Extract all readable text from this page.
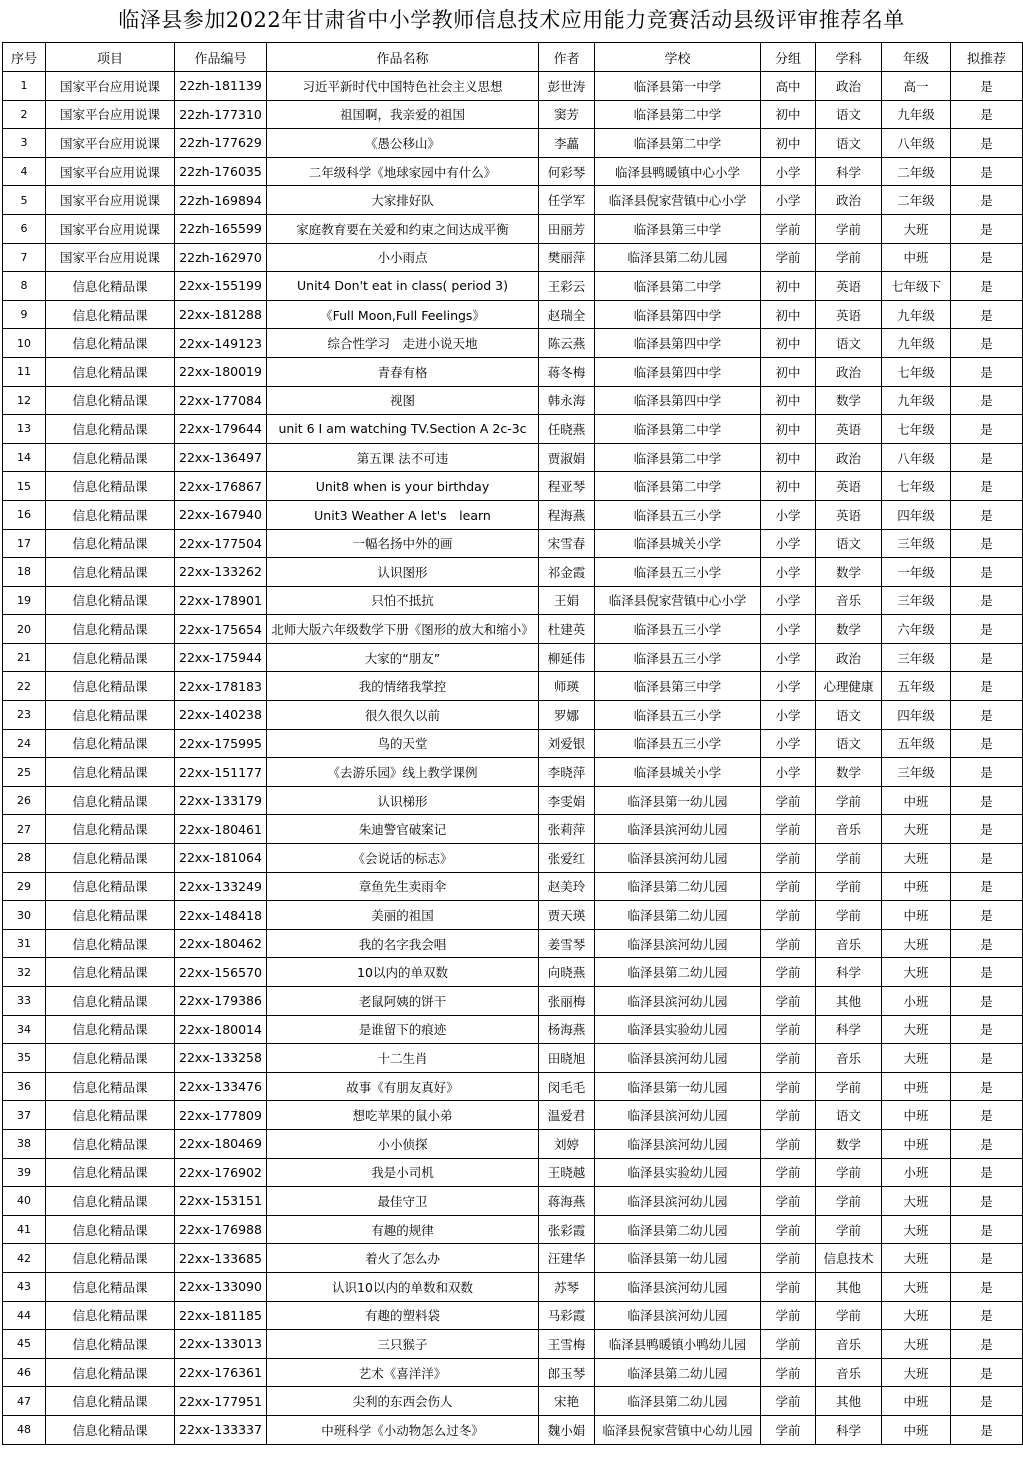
临泽县参加2022年甘肃省中小学教师信息技术应用能力竞赛活动县级评审推荐名单
序号	项目	作品编号	作品名称	作者	学校	分组	学科	年级	拟推荐
1	国家平台应用说课	22zh-181139	习近平新时代中国特色社会主义思想	彭世涛	临泽县第一中学	高中	政治	高一	是
2	国家平台应用说课	22zh-177310	祖国啊，我亲爱的祖国	窦芳	临泽县第二中学	初中	语文	九年级	是
3	国家平台应用说课	22zh-177629	《愚公移山》	李藟	临泽县第二中学	初中	语文	八年级	是
4	国家平台应用说课	22zh-176035	二年级科学《地球家园中有什么》	何彩琴	临泽县鸭暖镇中心小学	小学	科学	二年级	是
5	国家平台应用说课	22zh-169894	大家排好队	任学军	临泽县倪家营镇中心小学	小学	政治	二年级	是
6	国家平台应用说课	22zh-165599	家庭教育要在关爱和约束之间达成平衡	田丽芳	临泽县第三中学	学前	学前	大班	是
7	国家平台应用说课	22zh-162970	小小雨点	樊丽萍	临泽县第二幼儿园	学前	学前	中班	是
8	信息化精品课	22xx-155199	Unit4 Don't eat in class( period 3)	王彩云	临泽县第二中学	初中	英语	七年级下	是
9	信息化精品课	22xx-181288	《Full Moon,Full Feelings》	赵瑞全	临泽县第四中学	初中	英语	九年级	是
10	信息化精品课	22xx-149123	综合性学习　走进小说天地	陈云燕	临泽县第四中学	初中	语文	九年级	是
11	信息化精品课	22xx-180019	青春有格	蒋冬梅	临泽县第四中学	初中	政治	七年级	是
12	信息化精品课	22xx-177084	视图	韩永海	临泽县第四中学	初中	数学	九年级	是
13	信息化精品课	22xx-179644	unit 6 I am watching TV.Section A 2c-3c	任晓燕	临泽县第二中学	初中	英语	七年级	是
14	信息化精品课	22xx-136497	第五课 法不可违	贾淑娟	临泽县第二中学	初中	政治	八年级	是
15	信息化精品课	22xx-176867	Unit8 when is your birthday	程亚琴	临泽县第二中学	初中	英语	七年级	是
16	信息化精品课	22xx-167940	Unit3 Weather A let's　learn	程海燕	临泽县五三小学	小学	英语	四年级	是
17	信息化精品课	22xx-177504	一幅名扬中外的画	宋雪春	临泽县城关小学	小学	语文	三年级	是
18	信息化精品课	22xx-133262	认识图形	祁金霞	临泽县五三小学	小学	数学	一年级	是
19	信息化精品课	22xx-178901	只怕不抵抗	王娟	临泽县倪家营镇中心小学	小学	音乐	三年级	是
20	信息化精品课	22xx-175654	北师大版六年级数学下册《图形的放大和缩小》	杜建英	临泽县五三小学	小学	数学	六年级	是
21	信息化精品课	22xx-175944	大家的“朋友”	柳延伟	临泽县五三小学	小学	政治	三年级	是
22	信息化精品课	22xx-178183	我的情绪我掌控	师瑛	临泽县第三中学	小学	心理健康	五年级	是
23	信息化精品课	22xx-140238	很久很久以前	罗娜	临泽县五三小学	小学	语文	四年级	是
24	信息化精品课	22xx-175995	鸟的天堂	刘爱银	临泽县五三小学	小学	语文	五年级	是
25	信息化精品课	22xx-151177	《去游乐园》线上教学课例	李晓萍	临泽县城关小学	小学	数学	三年级	是
26	信息化精品课	22xx-133179	认识梯形	李雯娟	临泽县第一幼儿园	学前	学前	中班	是
27	信息化精品课	22xx-180461	朱迪警官破案记	张莉萍	临泽县滨河幼儿园	学前	音乐	大班	是
28	信息化精品课	22xx-181064	《会说话的标志》	张爱红	临泽县滨河幼儿园	学前	学前	大班	是
29	信息化精品课	22xx-133249	章鱼先生卖雨伞	赵美玲	临泽县第二幼儿园	学前	学前	中班	是
30	信息化精品课	22xx-148418	美丽的祖国	贾天瑛	临泽县第二幼儿园	学前	学前	中班	是
31	信息化精品课	22xx-180462	我的名字我会唱	姜雪琴	临泽县滨河幼儿园	学前	音乐	大班	是
32	信息化精品课	22xx-156570	10以内的单双数	向晓燕	临泽县第二幼儿园	学前	科学	大班	是
33	信息化精品课	22xx-179386	老鼠阿姨的饼干	张丽梅	临泽县滨河幼儿园	学前	其他	小班	是
34	信息化精品课	22xx-180014	是谁留下的痕迹	杨海燕	临泽县实验幼儿园	学前	科学	大班	是
35	信息化精品课	22xx-133258	十二生肖	田晓旭	临泽县滨河幼儿园	学前	音乐	大班	是
36	信息化精品课	22xx-133476	故事《有朋友真好》	闵毛毛	临泽县第一幼儿园	学前	学前	中班	是
37	信息化精品课	22xx-177809	想吃苹果的鼠小弟	温爱君	临泽县滨河幼儿园	学前	语文	中班	是
38	信息化精品课	22xx-180469	小小侦探	刘婷	临泽县滨河幼儿园	学前	数学	中班	是
39	信息化精品课	22xx-176902	我是小司机	王晓越	临泽县实验幼儿园	学前	学前	小班	是
40	信息化精品课	22xx-153151	最佳守卫	蒋海燕	临泽县滨河幼儿园	学前	学前	大班	是
41	信息化精品课	22xx-176988	有趣的规律	张彩霞	临泽县第二幼儿园	学前	学前	大班	是
42	信息化精品课	22xx-133685	着火了怎么办	汪建华	临泽县第一幼儿园	学前	信息技术	大班	是
43	信息化精品课	22xx-133090	认识10以内的单数和双数	苏琴	临泽县滨河幼儿园	学前	其他	大班	是
44	信息化精品课	22xx-181185	有趣的塑料袋	马彩霞	临泽县滨河幼儿园	学前	学前	大班	是
45	信息化精品课	22xx-133013	三只猴子	王雪梅	临泽县鸭暖镇小鸭幼儿园	学前	音乐	大班	是
46	信息化精品课	22xx-176361	艺术《喜洋洋》	郎玉琴	临泽县第二幼儿园	学前	音乐	大班	是
47	信息化精品课	22xx-177951	尖利的东西会伤人	宋艳	临泽县第二幼儿园	学前	其他	中班	是
48	信息化精品课	22xx-133337	中班科学《小动物怎么过冬》	魏小娟	临泽县倪家营镇中心幼儿园	学前	科学	中班	是
